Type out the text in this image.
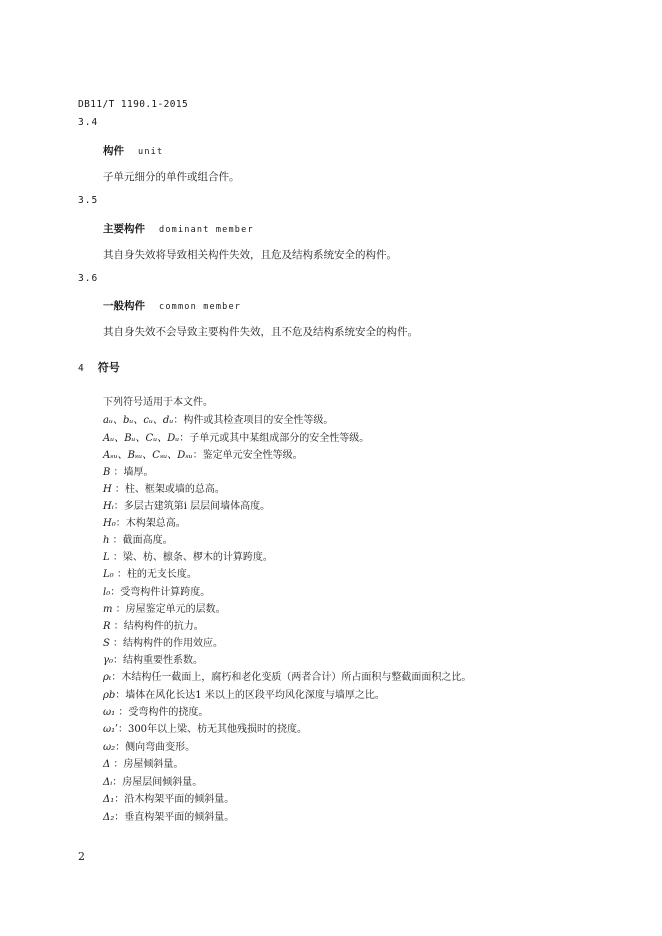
DB11/T 1190.1-2015
3.4
构件 unit
子单元细分的单件或组合件。
3.5
主要构件 dominant member
其自身失效将导致相关构件失效，且危及结构系统安全的构件。
3.6
一般构件 common member
其自身失效不会导致主要构件失效，且不危及结构系统安全的构件。
4 符号
下列符号适用于本文件。
aᵤ、bᵤ、cᵤ、dᵤ：构件或其检查项目的安全性等级。
Aᵤ、Bᵤ、Cᵤ、Dᵤ：子单元或其中某组成部分的安全性等级。
Aₛᵤ、Bₛᵤ、Cₛᵤ、Dₛᵤ：鉴定单元安全性等级。
B ：墙厚。
H ：柱、框架或墙的总高。
Hᵢ：多层古建筑第i 层层间墙体高度。
H₀：木构架总高。
h ：截面高度。
L ：梁、枋、檩条、椤木的计算跨度。
L₀ ：柱的无支长度。
l₀：受弯构件计算跨度。
m ：房屋鉴定单元的层数。
R ：结构构件的抗力。
S ：结构构件的作用效应。
γ₀：结构重要性系数。
ρₜ：木结构任一截面上，腐朽和老化变质（两者合计）所占面积与整截面面积之比。
ρb：墙体在风化长达1 米以上的区段平均风化深度与墙厚之比。
ω₁ ：受弯构件的挠度。
ω₁ʹ：300年以上梁、枋无其他残损时的挠度。
ω₂：侧向弯曲变形。
Δ ：房屋倾斜量。
Δᵢ：房屋层间倾斜量。
Δ₁：沿木构架平面的倾斜量。
Δ₂：垂直构架平面的倾斜量。
2
